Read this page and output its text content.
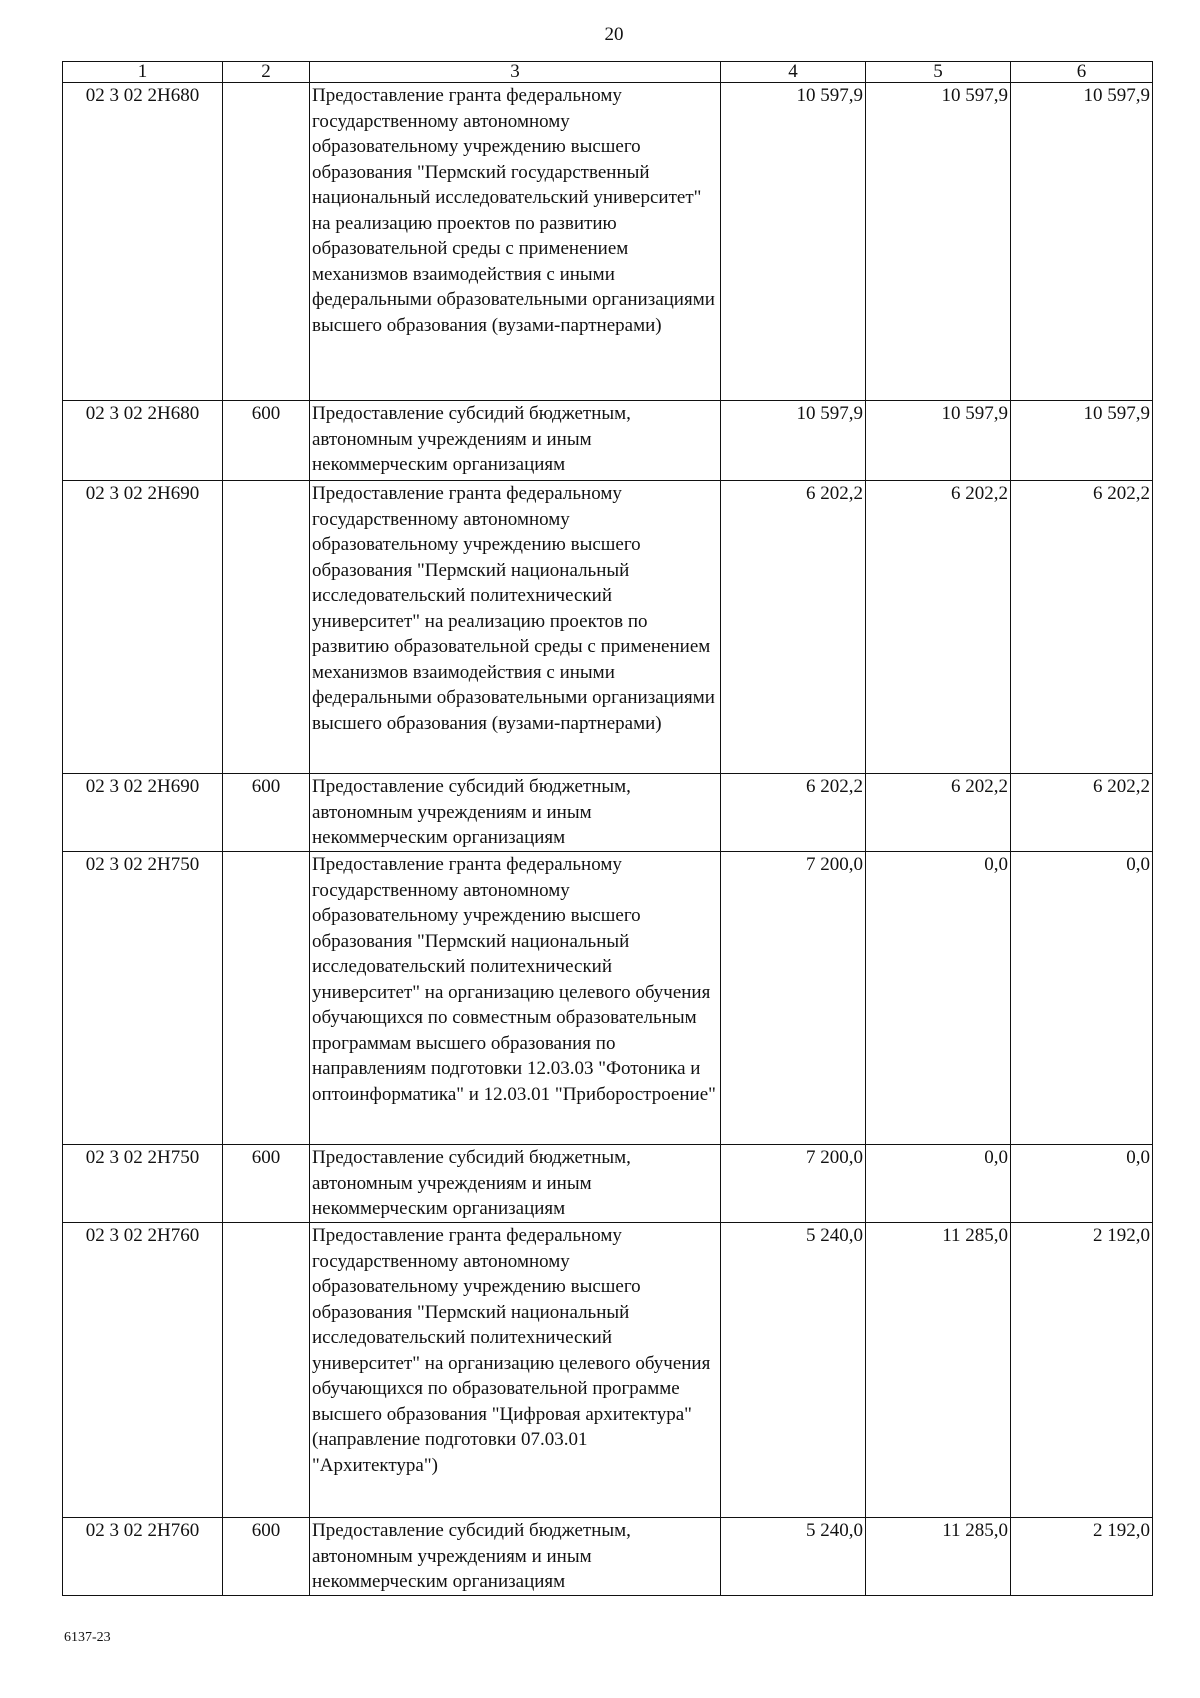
20
1	2	3	4	5	6
02 3 02 2Н680		Предоставление гранта федеральному государственному автономному образовательному учреждению высшего образования "Пермский государственный национальный исследовательский университет" на реализацию проектов по развитию образовательной среды с применением механизмов взаимодействия с иными федеральными образовательными организациями высшего образования (вузами-партнерами)	10 597,9	10 597,9	10 597,9
02 3 02 2Н680	600	Предоставление субсидий бюджетным, автономным учреждениям и иным некоммерческим организациям	10 597,9	10 597,9	10 597,9
02 3 02 2Н690		Предоставление гранта федеральному государственному автономному образовательному учреждению высшего образования "Пермский национальный исследовательский политехнический университет" на реализацию проектов по развитию образовательной среды с применением механизмов взаимодействия с иными федеральными образовательными организациями высшего образования (вузами-партнерами)	6 202,2	6 202,2	6 202,2
02 3 02 2Н690	600	Предоставление субсидий бюджетным, автономным учреждениям и иным некоммерческим организациям	6 202,2	6 202,2	6 202,2
02 3 02 2Н750		Предоставление гранта федеральному государственному автономному образовательному учреждению высшего образования "Пермский национальный исследовательский политехнический университет" на организацию целевого обучения обучающихся по совместным образовательным программам высшего образования по направлениям подготовки 12.03.03 "Фотоника и оптоинформатика" и 12.03.01 "Приборостроение"	7 200,0	0,0	0,0
02 3 02 2Н750	600	Предоставление субсидий бюджетным, автономным учреждениям и иным некоммерческим организациям	7 200,0	0,0	0,0
02 3 02 2Н760		Предоставление гранта федеральному государственному автономному образовательному учреждению высшего образования "Пермский национальный исследовательский политехнический университет" на организацию целевого обучения обучающихся по образовательной программе высшего образования "Цифровая архитектура" (направление подготовки 07.03.01 "Архитектура")	5 240,0	11 285,0	2 192,0
02 3 02 2Н760	600	Предоставление субсидий бюджетным, автономным учреждениям и иным некоммерческим организациям	5 240,0	11 285,0	2 192,0
6137-23
